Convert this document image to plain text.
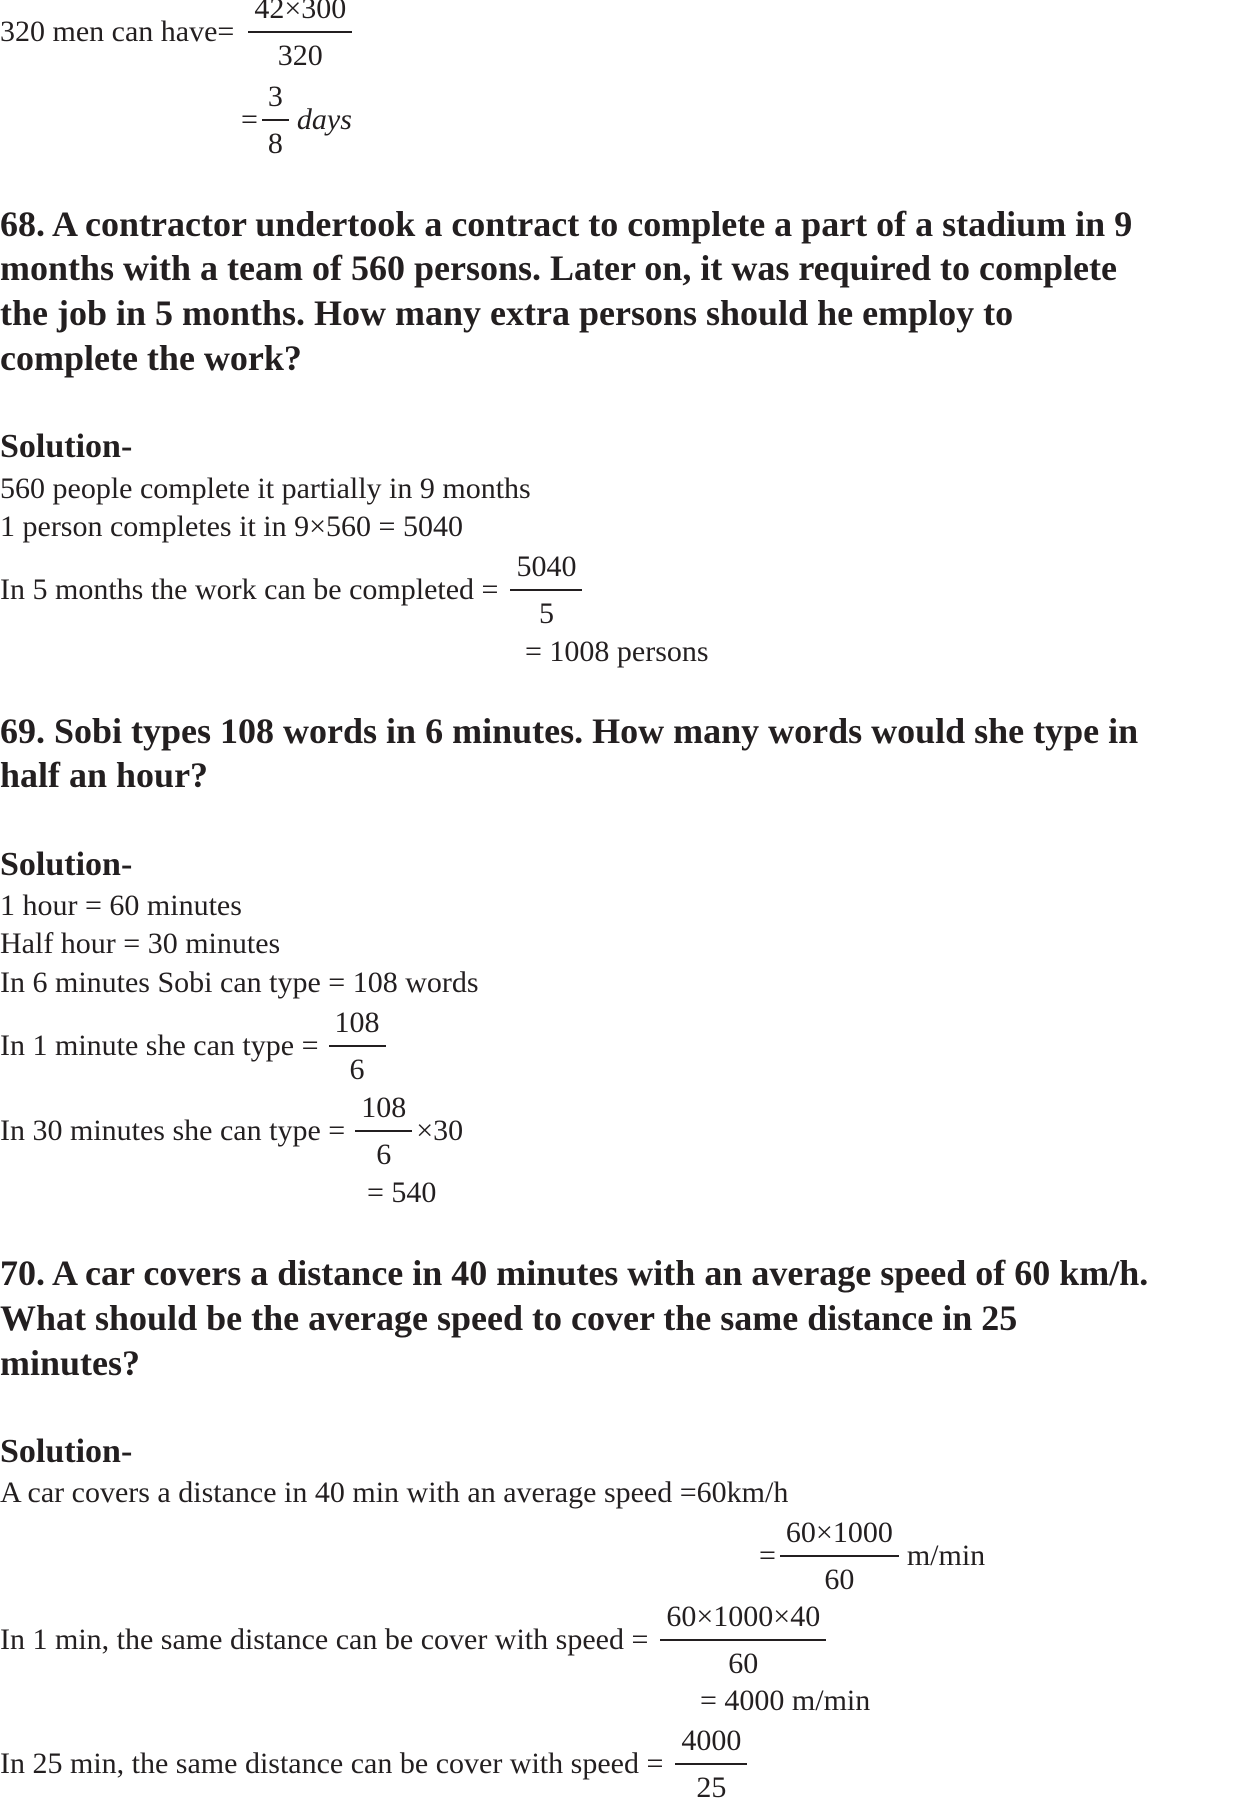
320 men can have= $\frac{42\times 300}{320}$
= $\frac{3}{8}$ days
68. A contractor undertook a contract to complete a part of a stadium in 9
months with a team of 560 persons. Later on, it was required to complete
the job in 5 months. How many extra persons should he employ to
complete the work?
Solution-
560 people complete it partially in 9 months
1 person completes it in 9×560 = 5040
In 5 months the work can be completed = $\frac{5040}{5}$
= 1008 persons
69. Sobi types 108 words in 6 minutes. How many words would she type in
half an hour?
Solution-
1 hour = 60 minutes
Half hour = 30 minutes
In 6 minutes Sobi can type = 108 words
In 1 minute she can type = $\frac{108}{6}$
In 30 minutes she can type = $\frac{108}{6} \times 30$
= 540
70. A car covers a distance in 40 minutes with an average speed of 60 km/h.
What should be the average speed to cover the same distance in 25
minutes?
Solution-
A car covers a distance in 40 min with an average speed =60km/h
= $\frac{60\times 1000}{60} m/\min$
In 1 min, the same distance can be cover with speed = $\frac{60\times 1000\times 40}{60}$
= 4000 m/min
In 25 min, the same distance can be cover with speed = $\frac{4000}{25}$
